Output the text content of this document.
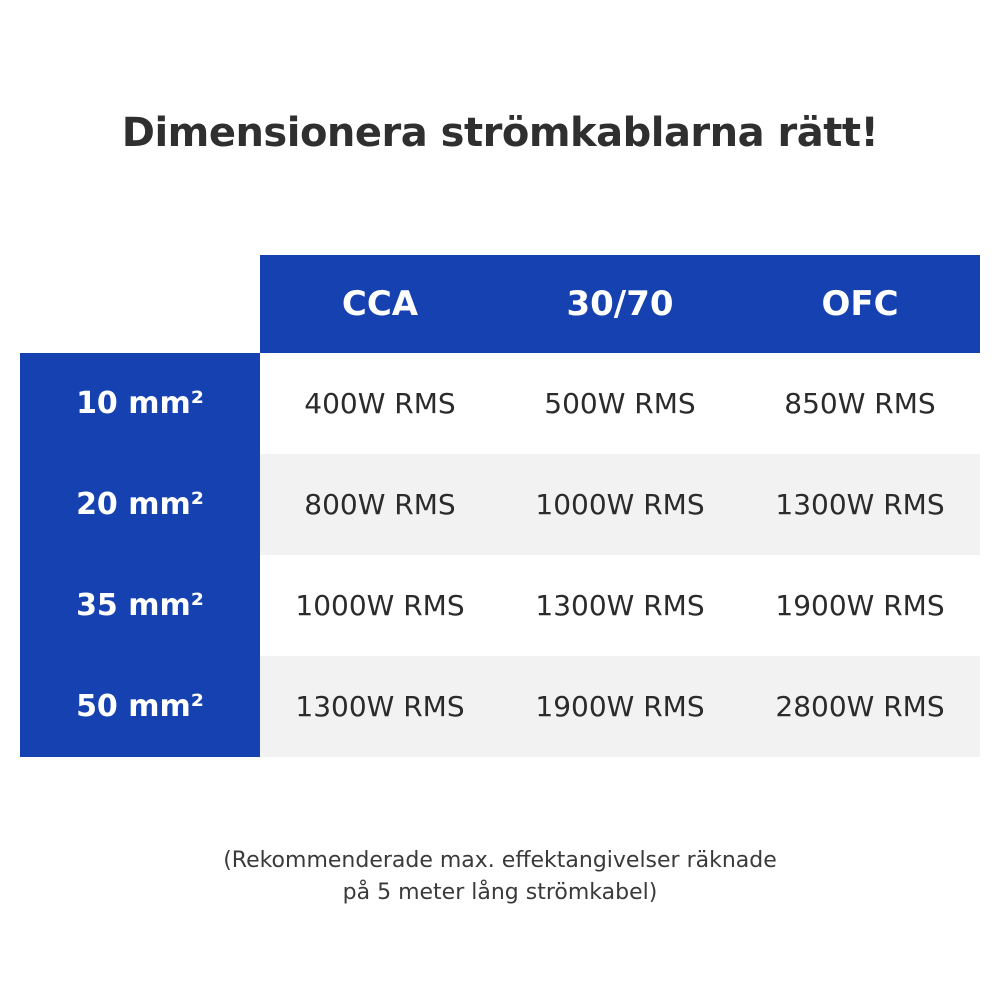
Dimensionera strömkablarna rätt!
	CCA	30/70	OFC
10 mm²	400W RMS	500W RMS	850W RMS
20 mm²	800W RMS	1000W RMS	1300W RMS
35 mm²	1000W RMS	1300W RMS	1900W RMS
50 mm²	1300W RMS	1900W RMS	2800W RMS
(Rekommenderade max. effektangivelser räknade
på 5 meter lång strömkabel)
